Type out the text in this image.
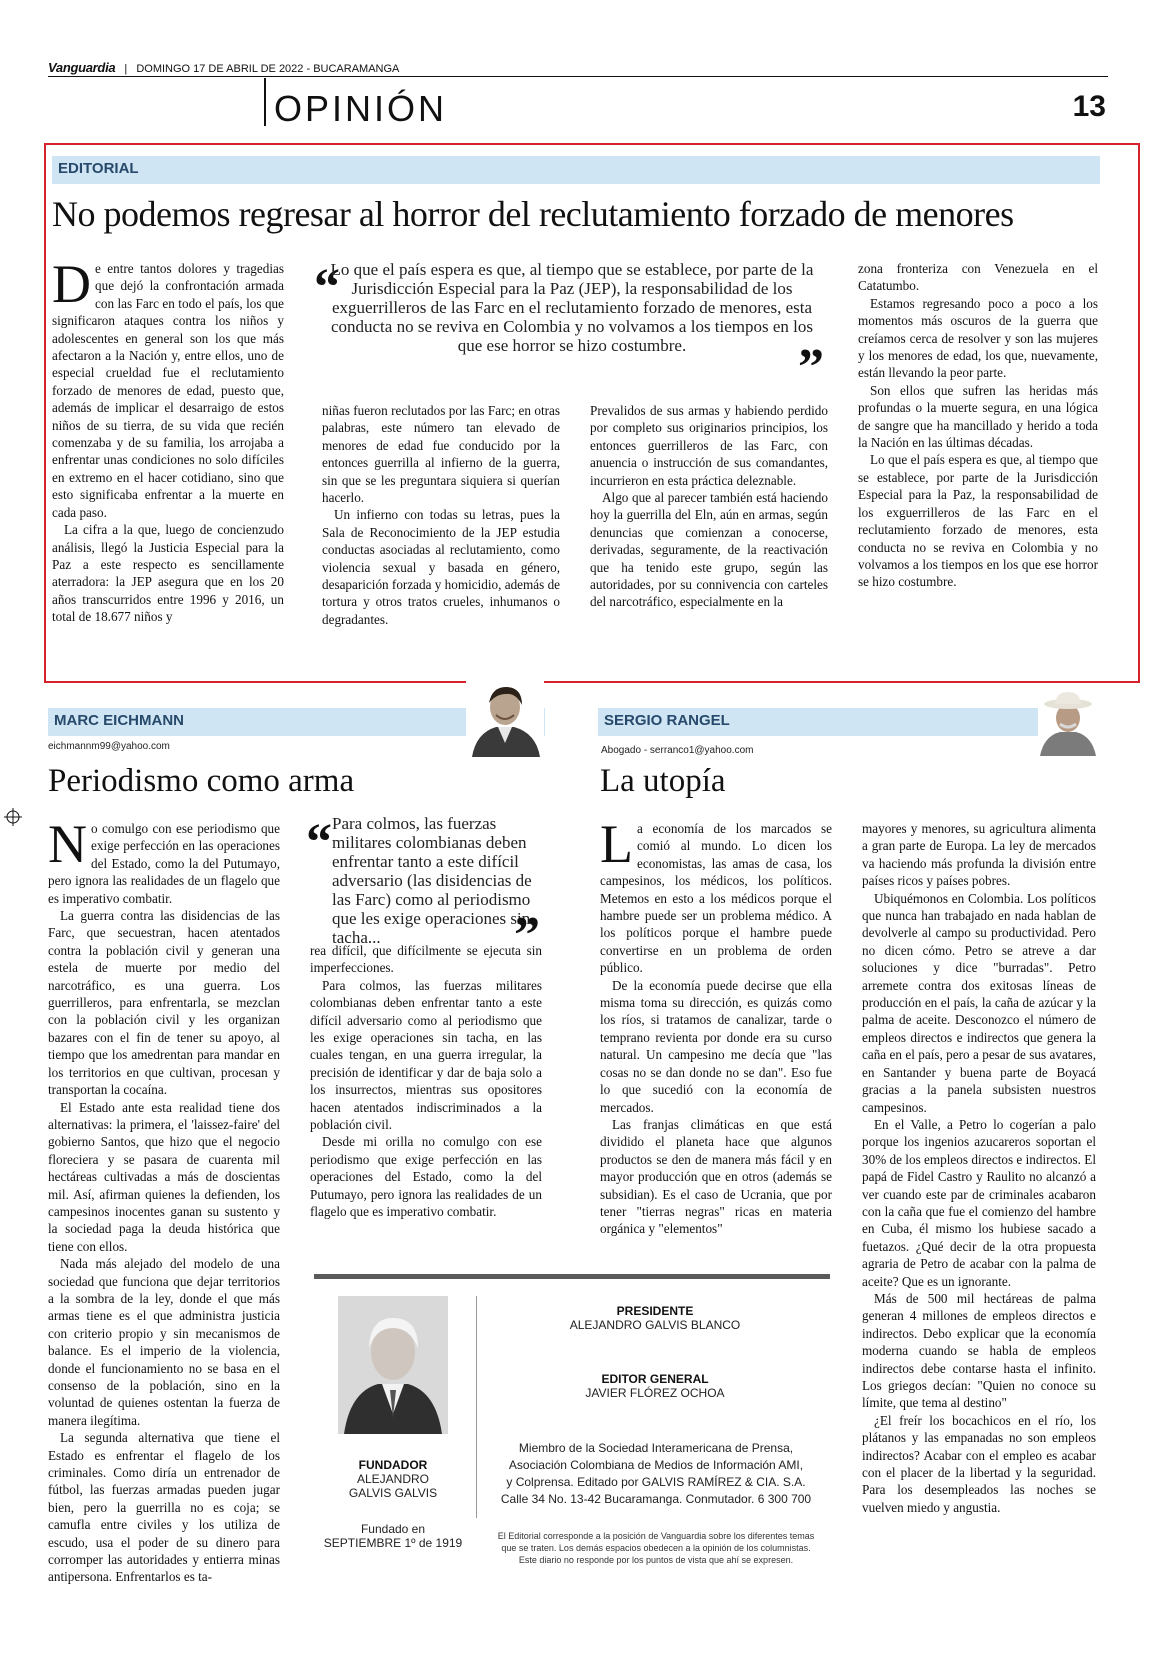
Vanguardia | DOMINGO 17 DE ABRIL DE 2022 - BUCARAMANGA
OPINIÓN	13
EDITORIAL
No podemos regresar al horror del reclutamiento forzado de menores

De entre tantos dolores y tragedias que dejó la confrontación armada con las Farc en todo el país, los que significaron ataques contra los niños y adolescentes en general son los que más afectaron a la Nación y, entre ellos, uno de especial crueldad fue el reclutamiento forzado de menores de edad, puesto que, además de implicar el desarraigo de estos niños de su tierra, de su vida que recién comenzaba y de su familia, los arrojaba a enfrentar unas condiciones no solo difíciles en extremo en el hacer cotidiano, sino que esto significaba enfrentar a la muerte en cada paso.

La cifra a la que, luego de concienzudo análisis, llegó la Justicia Especial para la Paz a este respecto es sencillamente aterradora: la JEP asegura que en los 20 años transcurridos entre 1996 y 2016, un total de 18.677 niños y

“
Lo que el país espera es que, al tiempo que se establece, por parte de la Jurisdicción Especial para la Paz (JEP), la responsabilidad de los exguerrilleros de las Farc en el reclutamiento forzado de menores, esta conducta no se reviva en Colombia y no volvamos a los tiempos en los que ese horror se hizo costumbre.	”

niñas fueron reclutados por las Farc; en otras palabras, este número tan elevado de menores de edad fue conducido por la entonces guerrilla al infierno de la guerra, sin que se les preguntara siquiera si querían hacerlo.

Un infierno con todas su letras, pues la Sala de Reconocimiento de la JEP estudia conductas asociadas al reclutamiento, como violencia sexual y basada en género, desaparición forzada y homicidio, además de tortura y otros tratos crueles, inhumanos o degradantes.

Prevalidos de sus armas y habiendo perdido por completo sus originarios principios, los entonces guerrilleros de las Farc, con anuencia o instrucción de sus comandantes, incurrieron en esta práctica deleznable.

Algo que al parecer también está haciendo hoy la guerrilla del Eln, aún en armas, según denuncias que comienzan a conocerse, derivadas, seguramente, de la reactivación que ha tenido este grupo, según las autoridades, por su connivencia con carteles del narcotráfico, especialmente en la

zona fronteriza con Venezuela en el Catatumbo.

Estamos regresando poco a poco a los momentos más oscuros de la guerra que creíamos cerca de resolver y son las mujeres y los menores de edad, los que, nuevamente, están llevando la peor parte.

Son ellos que sufren las heridas más profundas o la muerte segura, en una lógica de sangre que ha mancillado y herido a toda la Nación en las últimas décadas.

Lo que el país espera es que, al tiempo que se establece, por parte de la Jurisdicción Especial para la Paz, la responsabilidad de los exguerrilleros de las Farc en el reclutamiento forzado de menores, esta conducta no se reviva en Colombia y no volvamos a los tiempos en los que ese horror se hizo costumbre.

MARC EICHMANN
eichmannm99@yahoo.com
Periodismo como arma

No comulgo con ese periodismo que exige perfección en las operaciones del Estado, como la del Putumayo, pero ignora las realidades de un flagelo que es imperativo combatir.

La guerra contra las disidencias de las Farc, que secuestran, hacen atentados contra la población civil y generan una estela de muerte por medio del narcotráfico, es una guerra. Los guerrilleros, para enfrentarla, se mezclan con la población civil y les organizan bazares con el fin de tener su apoyo, al tiempo que los amedrentan para mandar en los territorios en que cultivan, procesan y transportan la cocaína.

El Estado ante esta realidad tiene dos alternativas: la primera, el 'laissez-faire' del gobierno Santos, que hizo que el negocio floreciera y se pasara de cuarenta mil hectáreas cultivadas a más de doscientas mil. Así, afirman quienes la defienden, los campesinos inocentes ganan su sustento y la sociedad paga la deuda histórica que tiene con ellos.

Nada más alejado del modelo de una sociedad que funciona que dejar territorios a la sombra de la ley, donde el que más armas tiene es el que administra justicia con criterio propio y sin mecanismos de balance. Es el imperio de la violencia, donde el funcionamiento no se basa en el consenso de la población, sino en la voluntad de quienes ostentan la fuerza de manera ilegítima.

La segunda alternativa que tiene el Estado es enfrentar el flagelo de los criminales. Como diría un entrenador de fútbol, las fuerzas armadas pueden jugar bien, pero la guerrilla no es coja; se camufla entre civiles y los utiliza de escudo, usa el poder de su dinero para corromper las autoridades y entierra minas antipersona. Enfrentarlos es ta-

“ Para colmos, las fuerzas militares colombianas deben enfrentar tanto a este difícil adversario (las disidencias de las Farc) como al periodismo que les exige operaciones sin tacha...	”

rea difícil, que difícilmente se ejecuta sin imperfecciones.

Para colmos, las fuerzas militares colombianas deben enfrentar tanto a este difícil adversario como al periodismo que les exige operaciones sin tacha, en las cuales tengan, en una guerra irregular, la precisión de identificar y dar de baja solo a los insurrectos, mientras sus opositores hacen atentados indiscriminados a la población civil.

Desde mi orilla no comulgo con ese periodismo que exige perfección en las operaciones del Estado, como la del Putumayo, pero ignora las realidades de un flagelo que es imperativo combatir.

SERGIO RANGEL
Abogado - serranco1@yahoo.com
La utopía

La economía de los marcados se comió al mundo. Lo dicen los economistas, las amas de casa, los campesinos, los médicos, los políticos. Metemos en esto a los médicos porque el hambre puede ser un problema médico. A los políticos porque el hambre puede convertirse en un problema de orden público.

De la economía puede decirse que ella misma toma su dirección, es quizás como los ríos, si tratamos de canalizar, tarde o temprano revienta por donde era su curso natural. Un campesino me decía que "las cosas no se dan donde no se dan". Eso fue lo que sucedió con la economía de mercados.

Las franjas climáticas en que está dividido el planeta hace que algunos productos se den de manera más fácil y en mayor producción que en otros (además se subsidian). Es el caso de Ucrania, que por tener "tierras negras" ricas en materia orgánica y "elementos"

mayores y menores, su agricultura alimenta a gran parte de Europa. La ley de mercados va haciendo más profunda la división entre países ricos y países pobres.

Ubiquémonos en Colombia. Los políticos que nunca han trabajado en nada hablan de devolverle al campo su productividad. Pero no dicen cómo. Petro se atreve a dar soluciones y dice "burradas". Petro arremete contra dos exitosas líneas de producción en el país, la caña de azúcar y la palma de aceite. Desconozco el número de empleos directos e indirectos que genera la caña en el país, pero a pesar de sus avatares, en Santander y buena parte de Boyacá gracias a la panela subsisten nuestros campesinos.

En el Valle, a Petro lo cogerían a palo porque los ingenios azucareros soportan el 30% de los empleos directos e indirectos. El papá de Fidel Castro y Raulito no alcanzó a ver cuando este par de criminales acabaron con la caña que fue el comienzo del hambre en Cuba, él mismo los hubiese sacado a fuetazos. ¿Qué decir de la otra propuesta agraria de Petro de acabar con la palma de aceite? Que es un ignorante.

Más de 500 mil hectáreas de palma generan 4 millones de empleos directos e indirectos. Debo explicar que la economía moderna cuando se habla de empleos indirectos debe contarse hasta el infinito. Los griegos decían: "Quien no conoce su límite, que tema al destino"

¿El freír los bocachicos en el río, los plátanos y las empanadas no son empleos indirectos? Acabar con el empleo es acabar con el placer de la libertad y la seguridad. Para los desempleados las noches se vuelven miedo y angustia.

FUNDADOR
ALEJANDRO
GALVIS GALVIS
Fundado en
SEPTIEMBRE 1º de 1919
PRESIDENTE
ALEJANDRO GALVIS BLANCO
EDITOR GENERAL
JAVIER FLÓREZ OCHOA
Miembro de la Sociedad Interamericana de Prensa,
Asociación Colombiana de Medios de Información AMI,
y Colprensa. Editado por GALVIS RAMÍREZ & CIA. S.A.
Calle 34 No. 13-42 Bucaramanga. Conmutador. 6 300 700
El Editorial corresponde a la posición de Vanguardia sobre los diferentes temas
que se traten. Los demás espacios obedecen a la opinión de los columnistas.
Este diario no responde por los puntos de vista que ahí se expresen.
